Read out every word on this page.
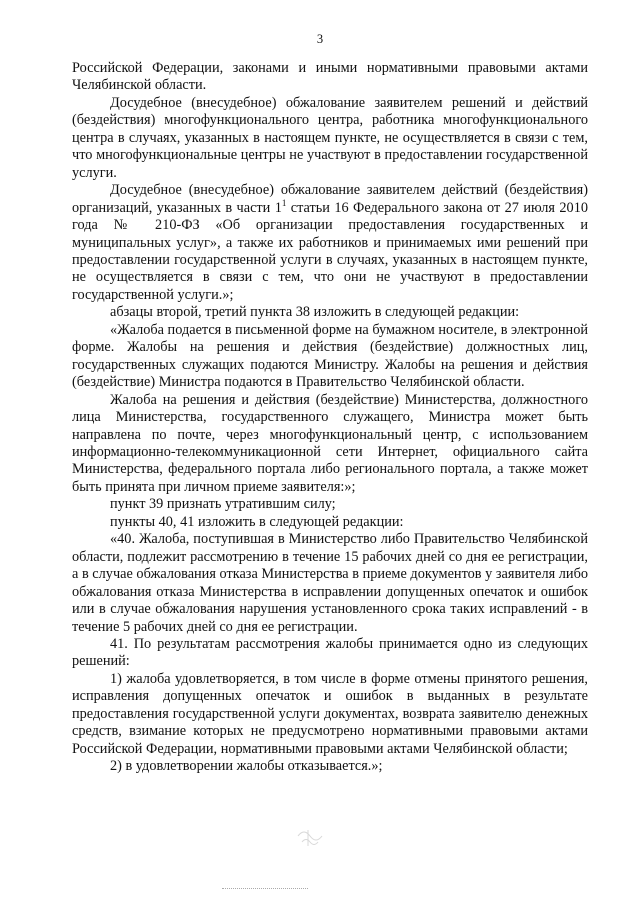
3

Российской Федерации, законами и иными нормативными правовыми актами Челябинской области.

Досудебное (внесудебное) обжалование заявителем решений и действий (бездействия) многофункционального центра, работника многофункционального центра в случаях, указанных в настоящем пункте, не осуществляется в связи с тем, что многофункциональные центры не участвуют в предоставлении государственной услуги.

Досудебное (внесудебное) обжалование заявителем действий (бездействия) организаций, указанных в части $1^1$ статьи 16 Федерального закона от 27 июля 2010 года № 210-ФЗ «Об организации предоставления государственных и муниципальных услуг», а также их работников и принимаемых ими решений при предоставлении государственной услуги в случаях, указанных в настоящем пункте, не осуществляется в связи с тем, что они не участвуют в предоставлении государственной услуги.»;

абзацы второй, третий пункта 38 изложить в следующей редакции:

«Жалоба подается в письменной форме на бумажном носителе, в электронной форме. Жалобы на решения и действия (бездействие) должностных лиц, государственных служащих подаются Министру. Жалобы на решения и действия (бездействие) Министра подаются в Правительство Челябинской области.

Жалоба на решения и действия (бездействие) Министерства, должностного лица Министерства, государственного служащего, Министра может быть направлена по почте, через многофункциональный центр, с использованием информационно-телекоммуникационной сети Интернет, официального сайта Министерства, федерального портала либо регионального портала, а также может быть принята при личном приеме заявителя:»;

пункт 39 признать утратившим силу;

пункты 40, 41 изложить в следующей редакции:

«40. Жалоба, поступившая в Министерство либо Правительство Челябинской области, подлежит рассмотрению в течение 15 рабочих дней со дня ее регистрации, а в случае обжалования отказа Министерства в приеме документов у заявителя либо обжалования отказа Министерства в исправлении допущенных опечаток и ошибок или в случае обжалования нарушения установленного срока таких исправлений - в течение 5 рабочих дней со дня ее регистрации.

41. По результатам рассмотрения жалобы принимается одно из следующих решений:

1) жалоба удовлетворяется, в том числе в форме отмены принятого решения, исправления допущенных опечаток и ошибок в выданных в результате предоставления государственной услуги документах, возврата заявителю денежных средств, взимание которых не предусмотрено нормативными правовыми актами Российской Федерации, нормативными правовыми актами Челябинской области;

2) в удовлетворении жалобы отказывается.»;
